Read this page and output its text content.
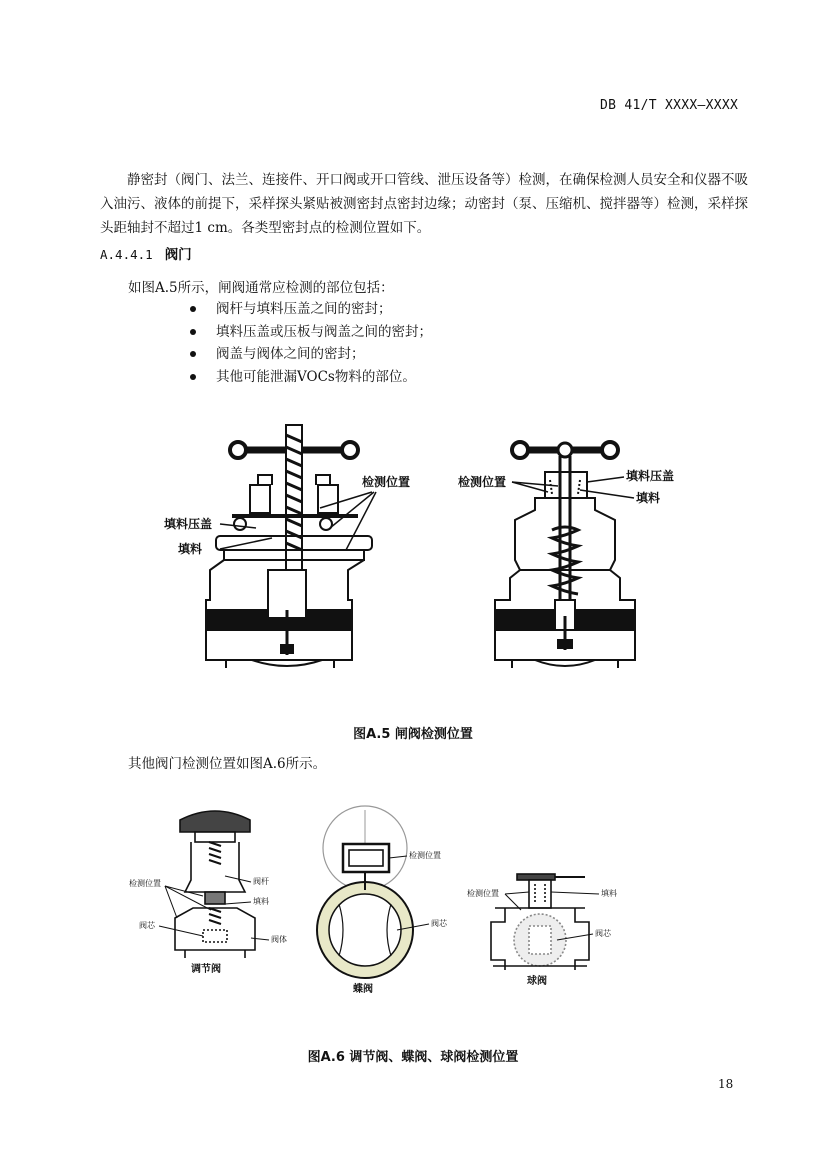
DB 41/T XXXX—XXXX
静密封（阀门、法兰、连接件、开口阀或开口管线、泄压设备等）检测，在确保检测人员安全和仪器不吸入油污、液体的前提下，采样探头紧贴被测密封点密封边缘；动密封（泵、压缩机、搅拌器等）检测，采样探头距轴封不超过1 cm。各类型密封点的检测位置如下。
A.4.4.1 阀门
如图A.5所示，闸阀通常应检测的部位包括：
阀杆与填料压盖之间的密封；
填料压盖或压板与阀盖之间的密封；
阀盖与阀体之间的密封；
其他可能泄漏VOCs物料的部位。
检测位置
填料压盖
填料
检测位置	填料压盖
填料
图A.5 闸阀检测位置
其他阀门检测位置如图A.6所示。
检测位置	阀杆
填料
阀芯
阀体
调节阀
检测位置
阀芯
蝶阀
检测位置	填料
阀芯
球阀
图A.6 调节阀、蝶阀、球阀检测位置
18
